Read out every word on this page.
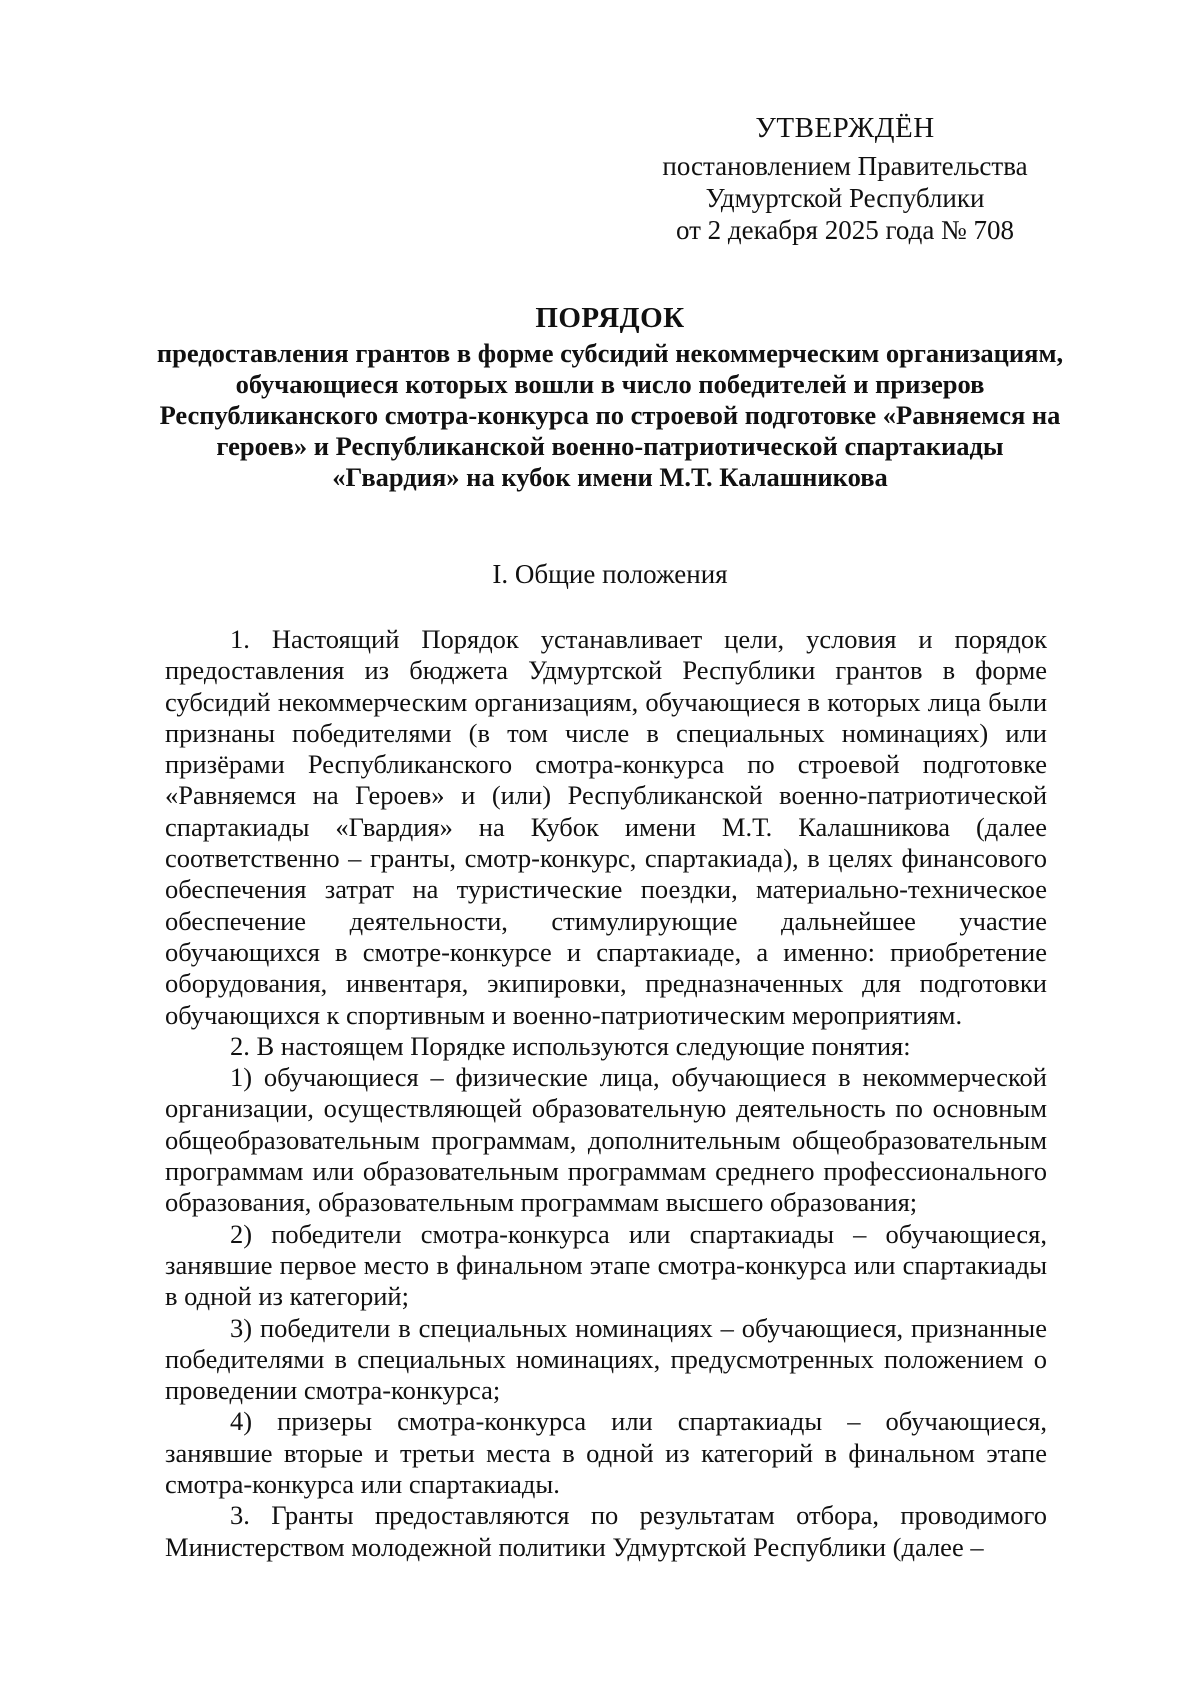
УТВЕРЖДЁН
постановлением Правительства
Удмуртской Республики
от 2 декабря 2025 года № 708
ПОРЯДОК
предоставления грантов в форме субсидий некоммерческим организациям, обучающиеся которых вошли в число победителей и призеров Республиканского смотра-конкурса по строевой подготовке «Равняемся на героев» и Республиканской военно-патриотической спартакиады «Гвардия» на кубок имени М.Т. Калашникова
I. Общие положения

1. Настоящий Порядок устанавливает цели, условия и порядок предоставления из бюджета Удмуртской Республики грантов в форме субсидий некоммерческим организациям, обучающиеся в которых лица были признаны победителями (в том числе в специальных номинациях) или призёрами Республиканского смотра-конкурса по строевой подготовке «Равняемся на Героев» и (или) Республиканской военно-патриотической спартакиады «Гвардия» на Кубок имени М.Т. Калашникова (далее соответственно – гранты, смотр-конкурс, спартакиада), в целях финансового обеспечения затрат на туристические поездки, материально-техническое обеспечение деятельности, стимулирующие дальнейшее участие обучающихся в смотре-конкурсе и спартакиаде, а именно: приобретение оборудования, инвентаря, экипировки, предназначенных для подготовки обучающихся к спортивным и военно-патриотическим мероприятиям.

2. В настоящем Порядке используются следующие понятия:

1) обучающиеся – физические лица, обучающиеся в некоммерческой организации, осуществляющей образовательную деятельность по основным общеобразовательным программам, дополнительным общеобразовательным программам или образовательным программам среднего профессионального образования, образовательным программам высшего образования;

2) победители смотра-конкурса или спартакиады – обучающиеся, занявшие первое место в финальном этапе смотра-конкурса или спартакиады в одной из категорий;

3) победители в специальных номинациях – обучающиеся, признанные победителями в специальных номинациях, предусмотренных положением о проведении смотра-конкурса;

4) призеры смотра-конкурса или спартакиады – обучающиеся, занявшие вторые и третьи места в одной из категорий в финальном этапе смотра-конкурса или спартакиады.

3. Гранты предоставляются по результатам отбора, проводимого Министерством молодежной политики Удмуртской Республики (далее –
